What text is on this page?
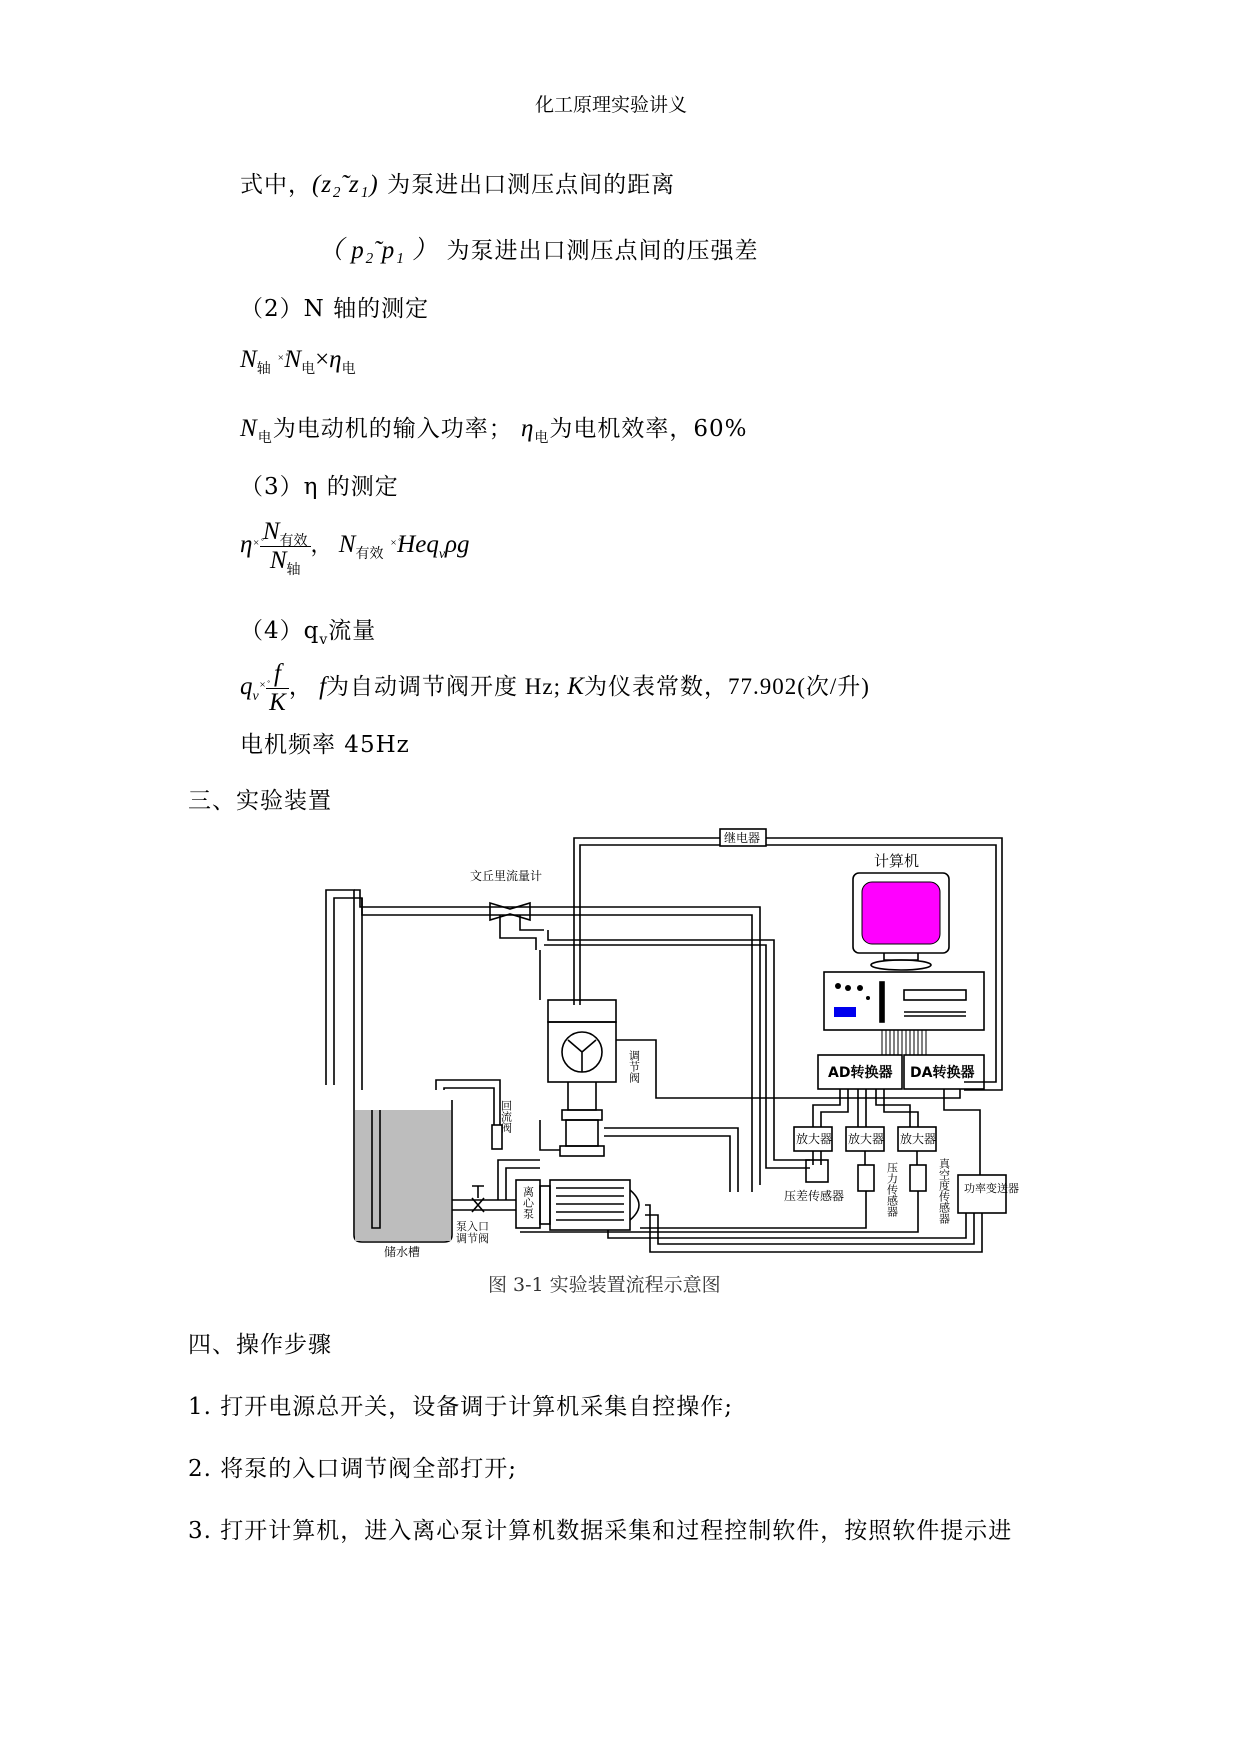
化工原理实验讲义
式中，(z₂̃ z₁) 为泵进出口测压点间的距离
（ p₂̃ p₁ ） 为泵进出口测压点间的压强差
（2）N 轴的测定
$N_轴$ $^{\times̊}N_电\times\eta_电$
$N_电$为电动机的输入功率； $\eta_电$为电机效率，60%
（3）η 的测定
$\eta^{\times̊} \frac{N_{有效}}{N_轴}$ ， $N_{有效}$ ×̊Heq$_v$ρg
$(4)q_v$流量
$q_v^{\times̊} \frac{f}{K}$ ， f为自动调节阀开度 Hz; K为仪表常数，77.902(次/升)
电机频率 45Hz
三、实验装置
继电器
计算机
文丘里流量计
AD转换器 DA转换器
放大器 放大器 放大器
压差传感器
功率变送器
储水槽
泵入口
调节阀
调节阀
回流阀
离心泵	压力传感器	真空度传感器
图 3-1 实验装置流程示意图
四、操作步骤
1. 打开电源总开关，设备调于计算机采集自控操作;
2. 将泵的入口调节阀全部打开;
3. 打开计算机，进入离心泵计算机数据采集和过程控制软件，按照软件提示进
